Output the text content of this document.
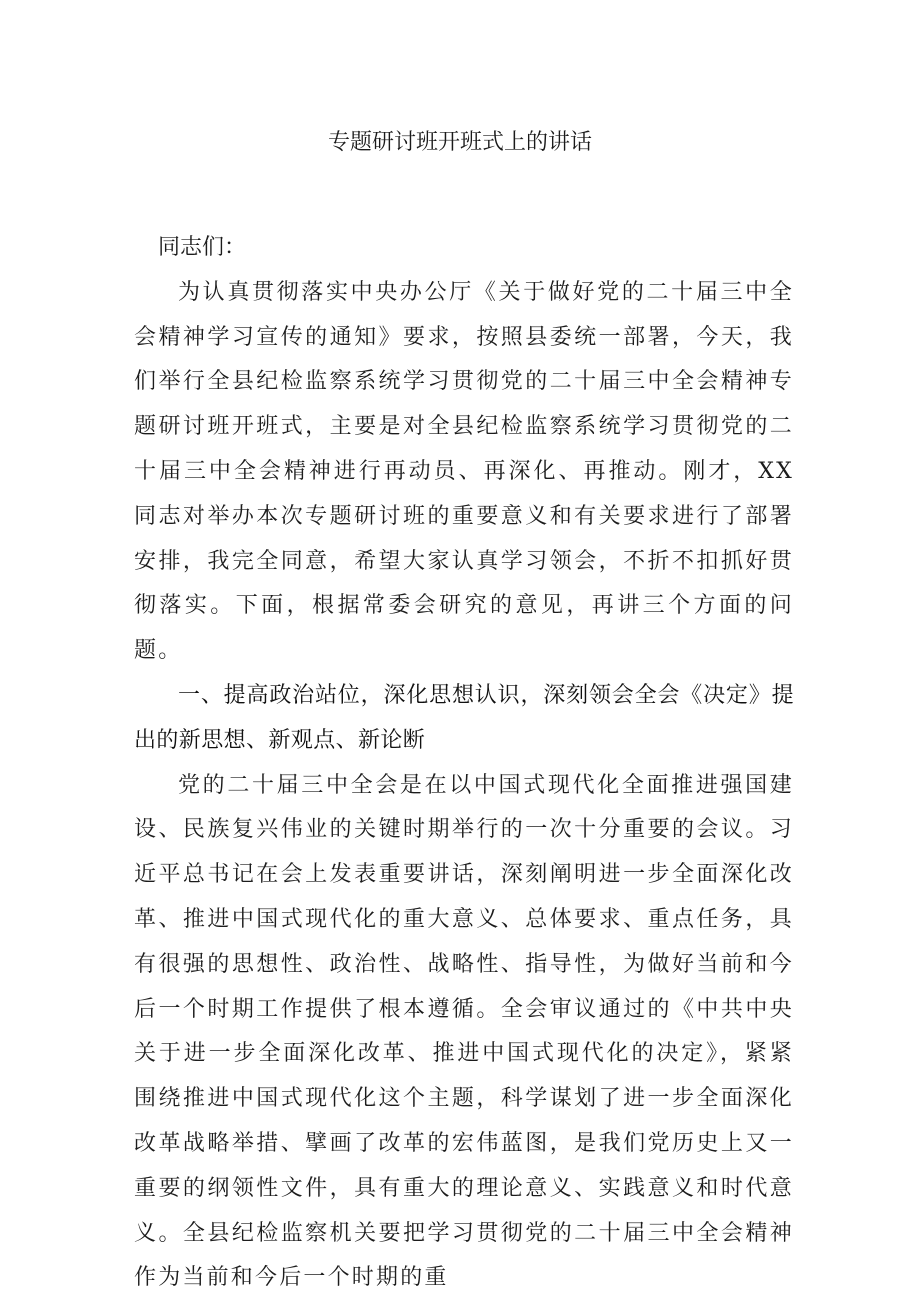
专题研讨班开班式上的讲话

同志们：

为认真贯彻落实中央办公厅《关于做好党的二十届三中全会精神学习宣传的通知》要求，按照县委统一部署，今天，我们举行全县纪检监察系统学习贯彻党的二十届三中全会精神专题研讨班开班式，主要是对全县纪检监察系统学习贯彻党的二十届三中全会精神进行再动员、再深化、再推动。刚才，XX同志对举办本次专题研讨班的重要意义和有关要求进行了部署安排，我完全同意，希望大家认真学习领会，不折不扣抓好贯彻落实。下面，根据常委会研究的意见，再讲三个方面的问题。

一、提高政治站位，深化思想认识，深刻领会全会《决定》提出的新思想、新观点、新论断

党的二十届三中全会是在以中国式现代化全面推进强国建设、民族复兴伟业的关键时期举行的一次十分重要的会议。习近平总书记在会上发表重要讲话，深刻阐明进一步全面深化改革、推进中国式现代化的重大意义、总体要求、重点任务，具有很强的思想性、政治性、战略性、指导性，为做好当前和今后一个时期工作提供了根本遵循。全会审议通过的《中共中央关于进一步全面深化改革、推进中国式现代化的决定》，紧紧围绕推进中国式现代化这个主题，科学谋划了进一步全面深化改革战略举措、擘画了改革的宏伟蓝图，是我们党历史上又一重要的纲领性文件，具有重大的理论意义、实践意义和时代意义。全县纪检监察机关要把学习贯彻党的二十届三中全会精神作为当前和今后一个时期的重
